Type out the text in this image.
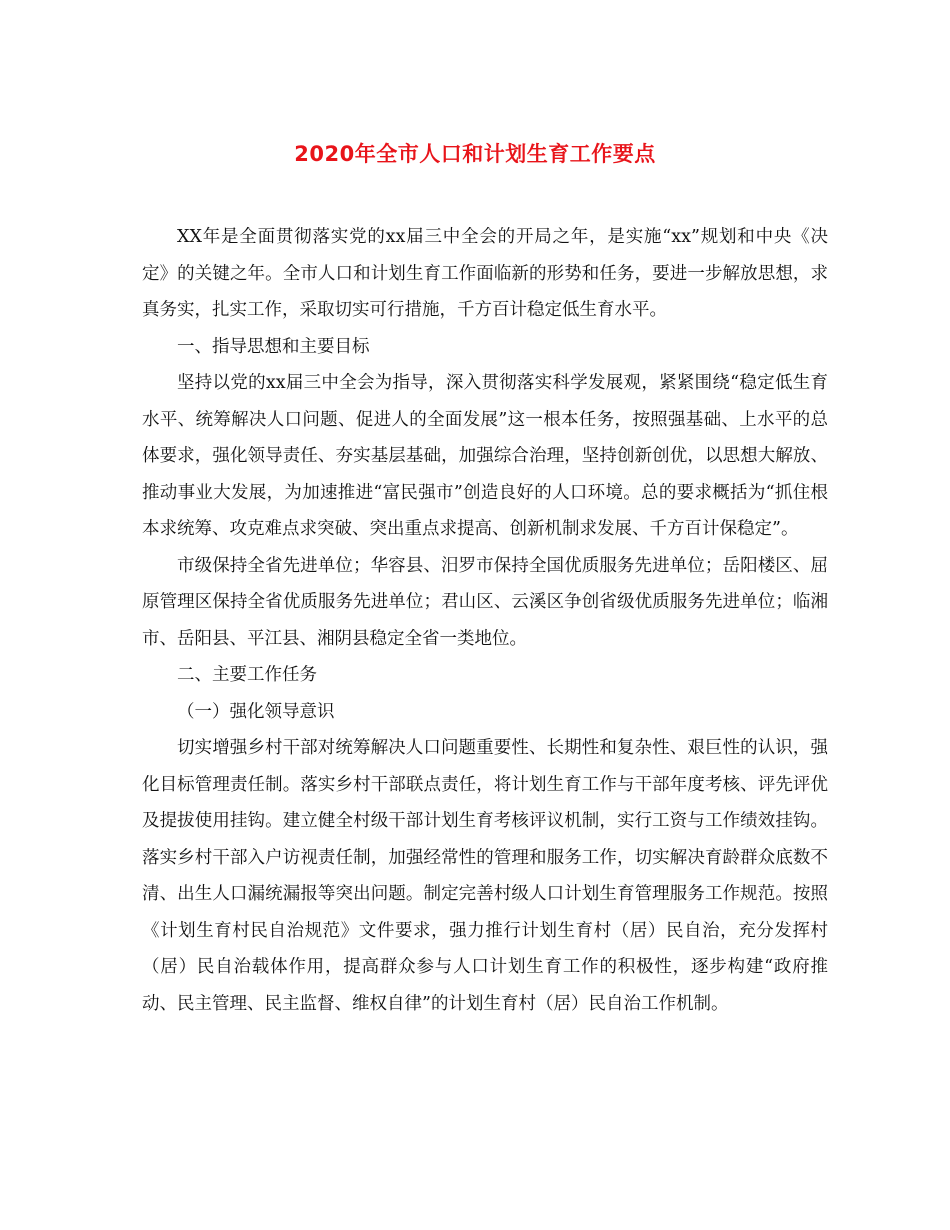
2020年全市人口和计划生育工作要点

XX年是全面贯彻落实党的xx届三中全会的开局之年，是实施“xx”规划和中央《决定》的关键之年。全市人口和计划生育工作面临新的形势和任务，要进一步解放思想，求真务实，扎实工作，采取切实可行措施，千方百计稳定低生育水平。

一、指导思想和主要目标

坚持以党的xx届三中全会为指导，深入贯彻落实科学发展观，紧紧围绕“稳定低生育水平、统筹解决人口问题、促进人的全面发展”这一根本任务，按照强基础、上水平的总体要求，强化领导责任、夯实基层基础，加强综合治理，坚持创新创优，以思想大解放、推动事业大发展，为加速推进“富民强市”创造良好的人口环境。总的要求概括为“抓住根本求统筹、攻克难点求突破、突出重点求提高、创新机制求发展、千方百计保稳定”。

市级保持全省先进单位；华容县、汨罗市保持全国优质服务先进单位；岳阳楼区、屈原管理区保持全省优质服务先进单位；君山区、云溪区争创省级优质服务先进单位；临湘市、岳阳县、平江县、湘阴县稳定全省一类地位。

二、主要工作任务

（一）强化领导意识

切实增强乡村干部对统筹解决人口问题重要性、长期性和复杂性、艰巨性的认识，强化目标管理责任制。落实乡村干部联点责任，将计划生育工作与干部年度考核、评先评优及提拔使用挂钩。建立健全村级干部计划生育考核评议机制，实行工资与工作绩效挂钩。落实乡村干部入户访视责任制，加强经常性的管理和服务工作，切实解决育龄群众底数不清、出生人口漏统漏报等突出问题。制定完善村级人口计划生育管理服务工作规范。按照《计划生育村民自治规范》文件要求，强力推行计划生育村（居）民自治，充分发挥村（居）民自治载体作用，提高群众参与人口计划生育工作的积极性，逐步构建“政府推动、民主管理、民主监督、维权自律”的计划生育村（居）民自治工作机制。
